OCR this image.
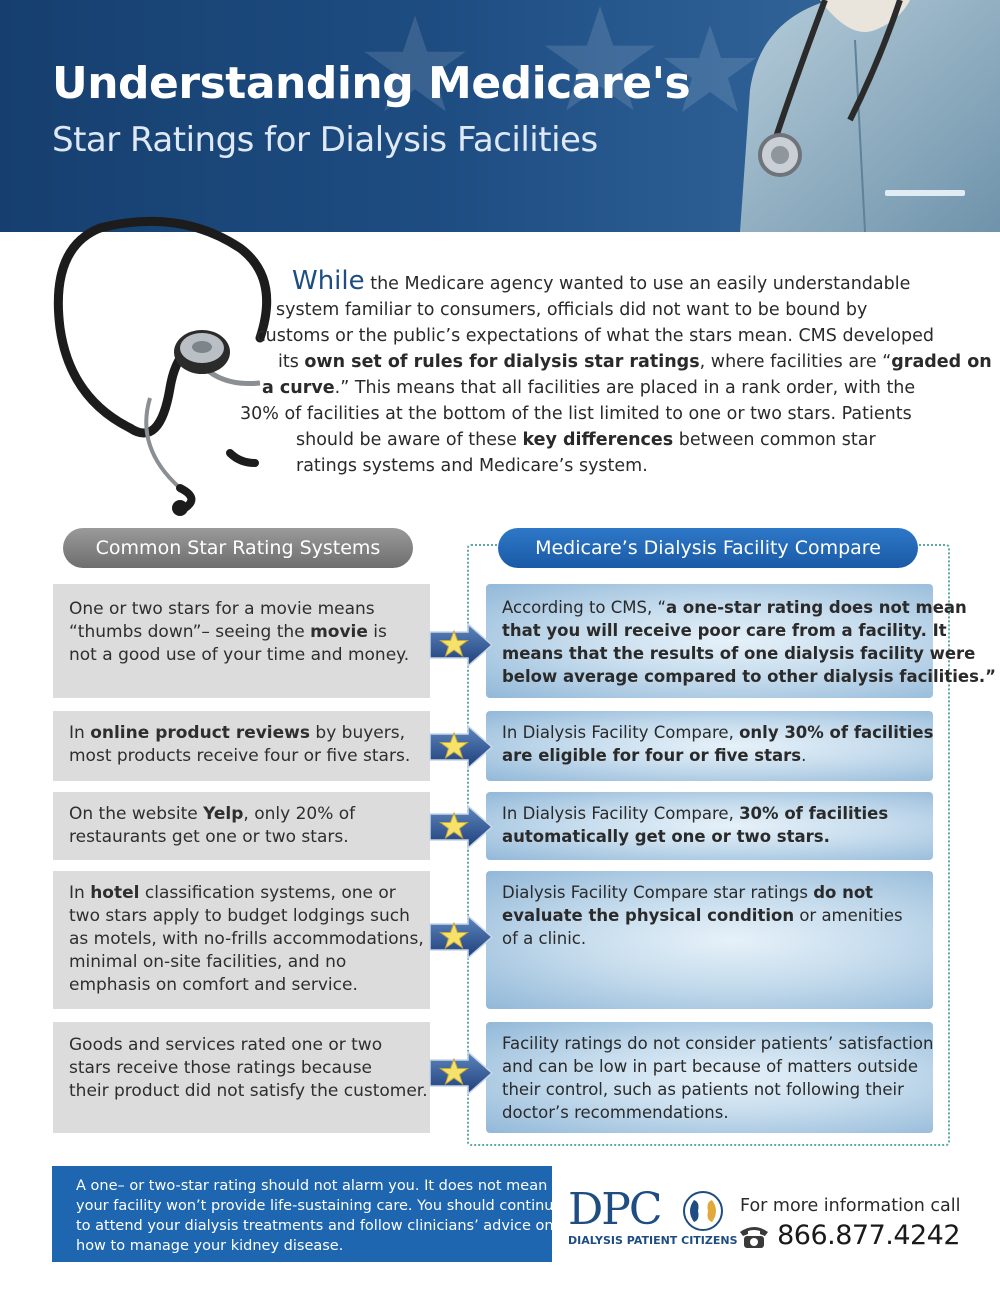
Understanding Medicare's
Star Ratings for Dialysis Facilities
While the Medicare agency wanted to use an easily understandable
system familiar to consumers, officials did not want to be bound by
customs or the public’s expectations of what the stars mean. CMS developed
its own set of rules for dialysis star ratings, where facilities are “graded on
a curve.” This means that all facilities are placed in a rank order, with the
30% of facilities at the bottom of the list limited to one or two stars. Patients
should be aware of these key differences between common star
ratings systems and Medicare’s system.
Common Star Rating Systems	Medicare’s Dialysis Facility Compare
One or two stars for a movie means
“thumbs down”– seeing the movie is
not a good use of your time and money.
In online product reviews by buyers,
most products receive four or five stars.
On the website Yelp, only 20% of
restaurants get one or two stars.
In hotel classification systems, one or
two stars apply to budget lodgings such
as motels, with no-frills accommodations,
minimal on-site facilities, and no
emphasis on comfort and service.
Goods and services rated one or two
stars receive those ratings because
their product did not satisfy the customer.
According to CMS, “a one-star rating does not mean
that you will receive poor care from a facility. It
means that the results of one dialysis facility were
below average compared to other dialysis facilities.”
In Dialysis Facility Compare, only 30% of facilities
are eligible for four or five stars.
In Dialysis Facility Compare, 30% of facilities
automatically get one or two stars.
Dialysis Facility Compare star ratings do not
evaluate the physical condition or amenities
of a clinic.
Facility ratings do not consider patients’ satisfaction
and can be low in part because of matters outside
their control, such as patients not following their
doctor’s recommendations.
A one– or two-star rating should not alarm you. It does not mean
your facility won’t provide life-sustaining care. You should continue
to attend your dialysis treatments and follow clinicians’ advice on
how to manage your kidney disease.
DPC
DIALYSIS PATIENT CITIZENS
For more information call
866.877.4242
